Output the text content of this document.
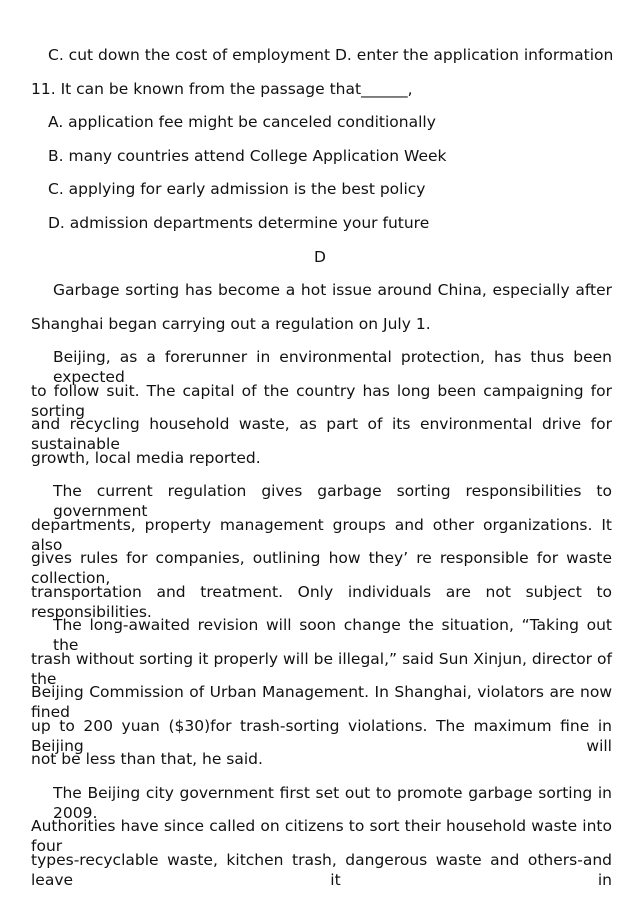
C. cut down the cost of employment D. enter the application information
11. It can be known from the passage that______,
A. application fee might be canceled conditionally
B. many countries attend College Application Week
C. applying for early admission is the best policy
D. admission departments determine your future
D
Garbage sorting has become a hot issue around China, especially after
Shanghai began carrying out a regulation on July 1.
Beijing, as a forerunner in environmental protection, has thus been expected
to follow suit. The capital of the country has long been campaigning for sorting
and recycling household waste, as part of its environmental drive for sustainable
growth, local media reported.
The current regulation gives garbage sorting responsibilities to government
departments, property management groups and other organizations. It also
gives rules for companies, outlining how they’ re responsible for waste collection,
transportation and treatment. Only individuals are not subject to responsibilities.
The long-awaited revision will soon change the situation, “Taking out the
trash without sorting it properly will be illegal,” said Sun Xinjun, director of the
Beijing Commission of Urban Management. In Shanghai, violators are now fined
up to 200 yuan ($30)for trash-sorting violations. The maximum fine in Beijing will
not be less than that, he said.
The Beijing city government first set out to promote garbage sorting in 2009.
Authorities have since called on citizens to sort their household waste into four
types-recyclable waste, kitchen trash, dangerous waste and others-and leave it in
